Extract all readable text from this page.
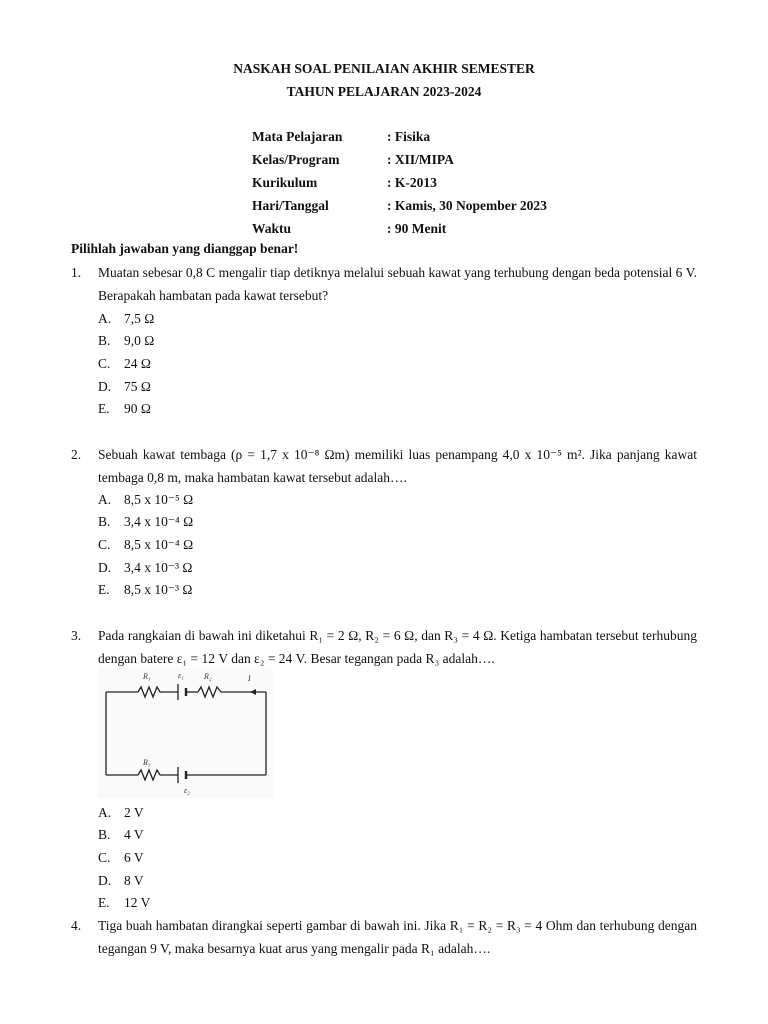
NASKAH SOAL PENILAIAN AKHIR SEMESTER
TAHUN PELAJARAN 2023-2024
Mata Pelajaran	: Fisika
Kelas/Program	: XII/MIPA
Kurikulum	: K-2013
Hari/Tanggal	: Kamis, 30 Nopember 2023
Waktu	: 90 Menit
Pilihlah jawaban yang dianggap benar!
1. Muatan sebesar 0,8 C mengalir tiap detiknya melalui sebuah kawat yang terhubung dengan beda potensial 6 V. Berapakah hambatan pada kawat tersebut?
A. 7,5 Ω
B. 9,0 Ω
C. 24 Ω
D. 75 Ω
E. 90 Ω
2. Sebuah kawat tembaga (ρ = 1,7 x 10⁻⁸ Ωm) memiliki luas penampang 4,0 x 10⁻⁵ m². Jika panjang kawat tembaga 0,8 m, maka hambatan kawat tersebut adalah….
A. 8,5 x 10⁻⁵ Ω
B. 3,4 x 10⁻⁴ Ω
C. 8,5 x 10⁻⁴ Ω
D. 3,4 x 10⁻³ Ω
E. 8,5 x 10⁻³ Ω
3. Pada rangkaian di bawah ini diketahui R₁ = 2 Ω, R₂ = 6 Ω, dan R₃ = 4 Ω. Ketiga hambatan tersebut terhubung dengan batere ε₁ = 12 V dan ε₂ = 24 V. Besar tegangan pada R₃ adalah….
R₁	ε₁	R₂	I
R₃
ε₂
A. 2 V
B. 4 V
C. 6 V
D. 8 V
E. 12 V
4. Tiga buah hambatan dirangkai seperti gambar di bawah ini. Jika R₁ = R₂ = R₃ = 4 Ohm dan terhubung dengan tegangan 9 V, maka besarnya kuat arus yang mengalir pada R₁ adalah….
